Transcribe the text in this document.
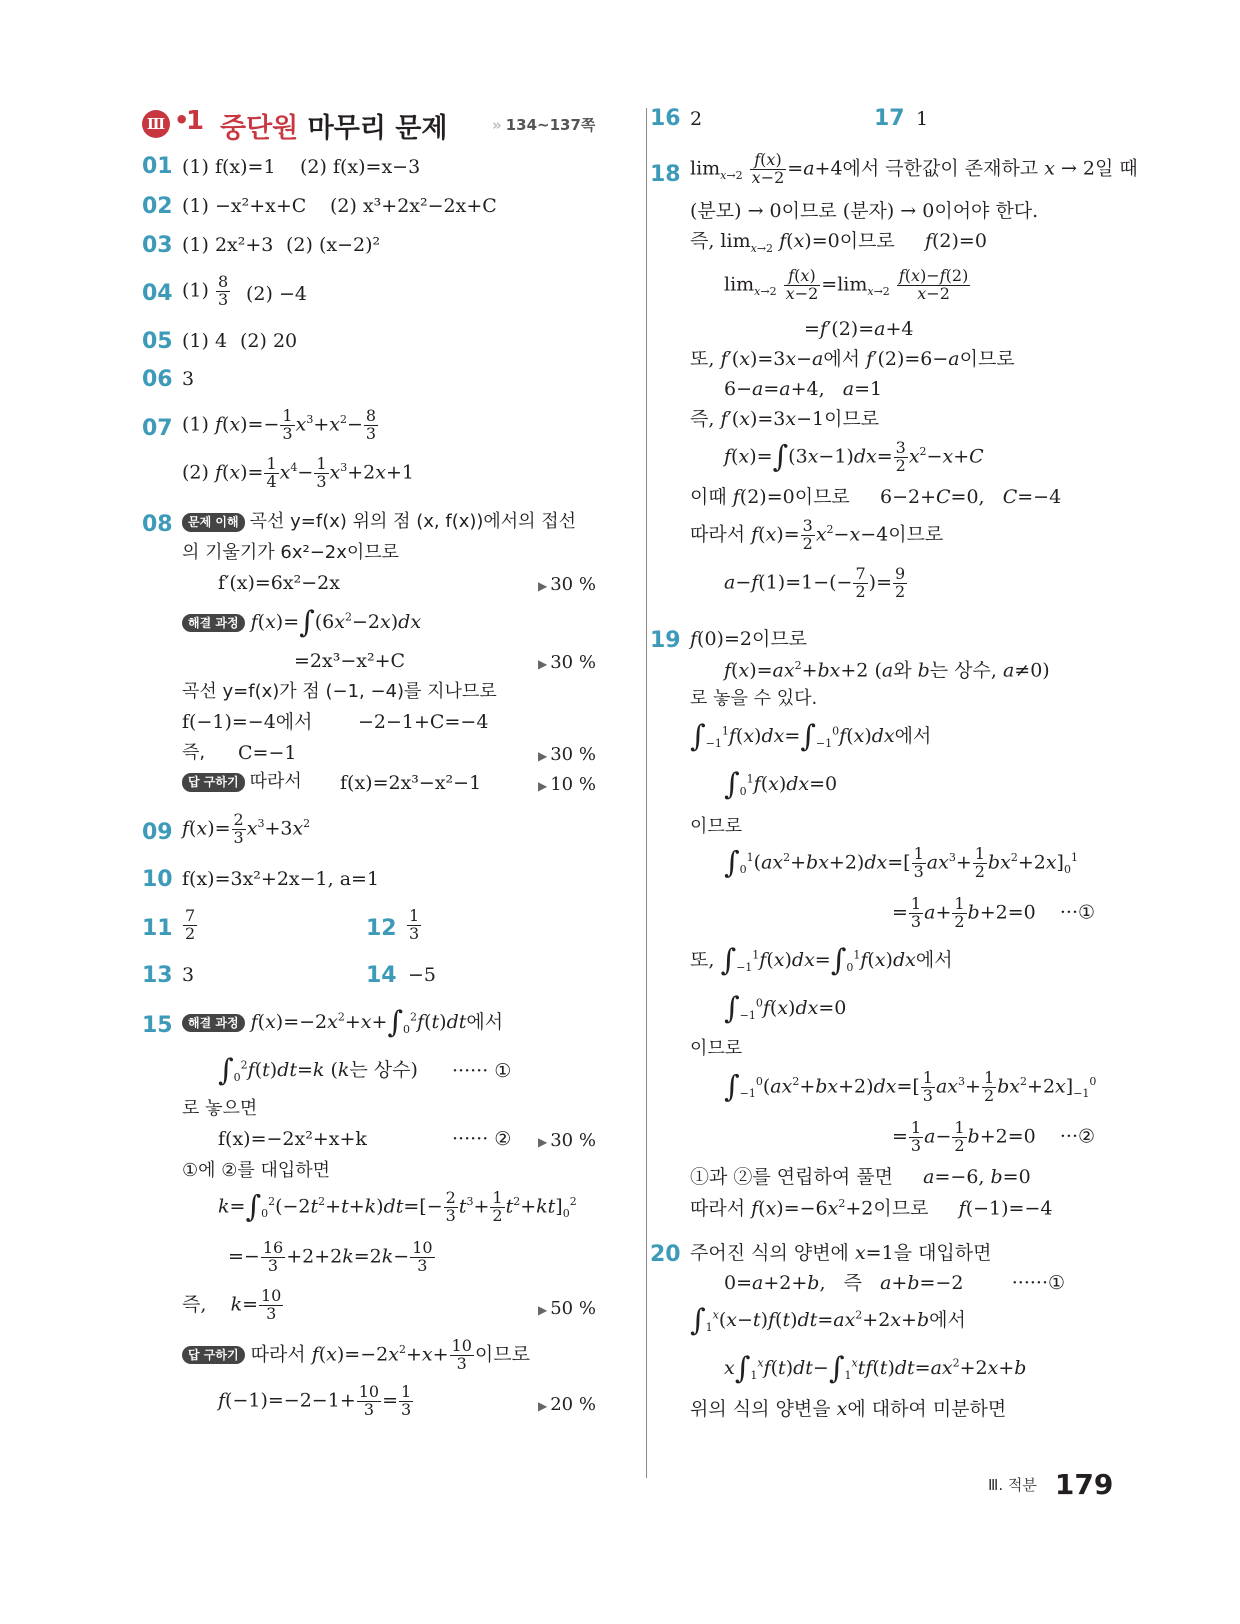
Ⅲ •
1 중단원 마무리 문제	» 134~137쪽
01 (1) f(x)=1 (2) f(x)=x−3
02 (1) −x²+x+C (2) x³+2x²−2x+C
03 (1) 2x²+3 (2) (x−2)²
04 $(1) \frac{8}{3} (2) -4$
05 (1) 4 (2) 20
06 3
07 (1) $f(x)=- \frac{1}{3} x^3+x^2- \frac{8}{3}$
(2) $f(x)= \frac{1}{4} x^4- \frac{1}{3} x^3+2x+1$
08	문제 이해 곡선 y=f(x) 위의 점 (x, f(x))에서의 접선
의 기울기가 6x²−2x이므로
f′(x)=6x²−2x	▶ 30 %
해결 과정 $f(x)=\int(6x^2-2x)dx$
=2x³−x²+C	▶ 30 %
곡선 y=f(x)가 점 (−1, −4)를 지나므로
f(−1)=−4에서 −2−1+C=−4
즉, C=−1	▶ 30 %
답 구하기 따라서 f(x)=2x³−x²−1	▶ 10 %
09 $f(x)= \frac{2}{3} x^3+3x^2$
10 f(x)=3x²+2x−1, a=1
$11 \frac{7}{2}$	$12 \frac{1}{3}$
13 3	14 −5
15	해결 과정 $f(x)=-2x^2+x+\int_0^2f(t)dt$에서
$\int_0^2f(t)dt=k$ (k는 상수) ······ ①
로 놓으면
f(x)=−2x²+x+k	······ ② ▶ 30 %
①에 ②를 대입하면
$k=\int_0^2(-2t^2+t+k)dt=[- \frac{2}{3} t^3+ \frac{1}{2} t^2+kt]_0^2$
=− $\frac{16}{3} +2+2k=2k- \frac{10}{3}$
즉,    $k= \frac{10}{3}$	▶ 50 %
답 구하기 따라서 $f(x)=-2x^2+x+ \frac{10}{3}$ 이므로
$f(-1)=-2-1+ \frac{10}{3} = \frac{1}{3}$	▶ 20 %
16 2	17 1
18 $\lim_{x\to 2} \frac{f(x)}{x-2} =a+4$에서 극한값이 존재하고 x → 2일 때
(분모) → 0이므로 (분자) → 0이어야 한다.
즉, $\lim_{x\to 2} f(x)=0$이므로     f(2)=0
$\lim_{x\to 2} \frac{f(x)}{x-2} =\lim_{x\to 2} \frac{f(x)-f(2)}{x-2}$
=f′(2)=a+4
또, f′(x)=3x−a에서 f′(2)=6−a이므로
6−a=a+4,   a=1
즉, f′(x)=3x−1이므로
$f(x)=\int(3x-1)dx= \frac{3}{2} x^2-x+C$
이때 f(2)=0이므로     6−2+C=0,   C=−4
따라서 $f(x)= \frac{3}{2} x^2-x-4$이므로
$a-f(1)=1-(- \frac{7}{2}$ )= $\frac{9}{2}$
19 f(0)=2이므로
$f(x)=ax^2+bx+2$ (a와 b는 상수, a≠0)
로 놓을 수 있다.
$\int_{-1}^1f(x)dx=\int_{-1}^0f(x)dx$에서
$\int_0^1f(x)dx=0$
이므로
$\int_0^1(ax^2+bx+2)dx=[ \frac{1}{3} ax^3+ \frac{1}{2} bx^2+2x]_0^1$
= $\frac{1}{3} a+ \frac{1}{2} b+2=0$    ···①
또, $\int_{-1}^1f(x)dx=\int_0^1f(x)dx$에서
$\int_{-1}^0f(x)dx=0$
이므로
$\int_{-1}^0(ax^2+bx+2)dx=[ \frac{1}{3} ax^3+ \frac{1}{2} bx^2+2x]_{-1}^0$
= $\frac{1}{3} a- \frac{1}{2} b+2=0$    ···②
①과 ②를 연립하여 풀면     a=−6, b=0
따라서 $f(x)=-6x^2+2$이므로     f(−1)=−4
20 주어진 식의 양변에 x=1을 대입하면
0=a+2+b,   즉   a+b=−2        ······①
$\int_1^x(x-t)f(t)dt=ax^2+2x+b$에서
$x\int_1^xf(t)dt-\int_1^xtf(t)dt=ax^2+2x+b$
위의 식의 양변을 x에 대하여 미분하면
Ⅲ. 적분 179
